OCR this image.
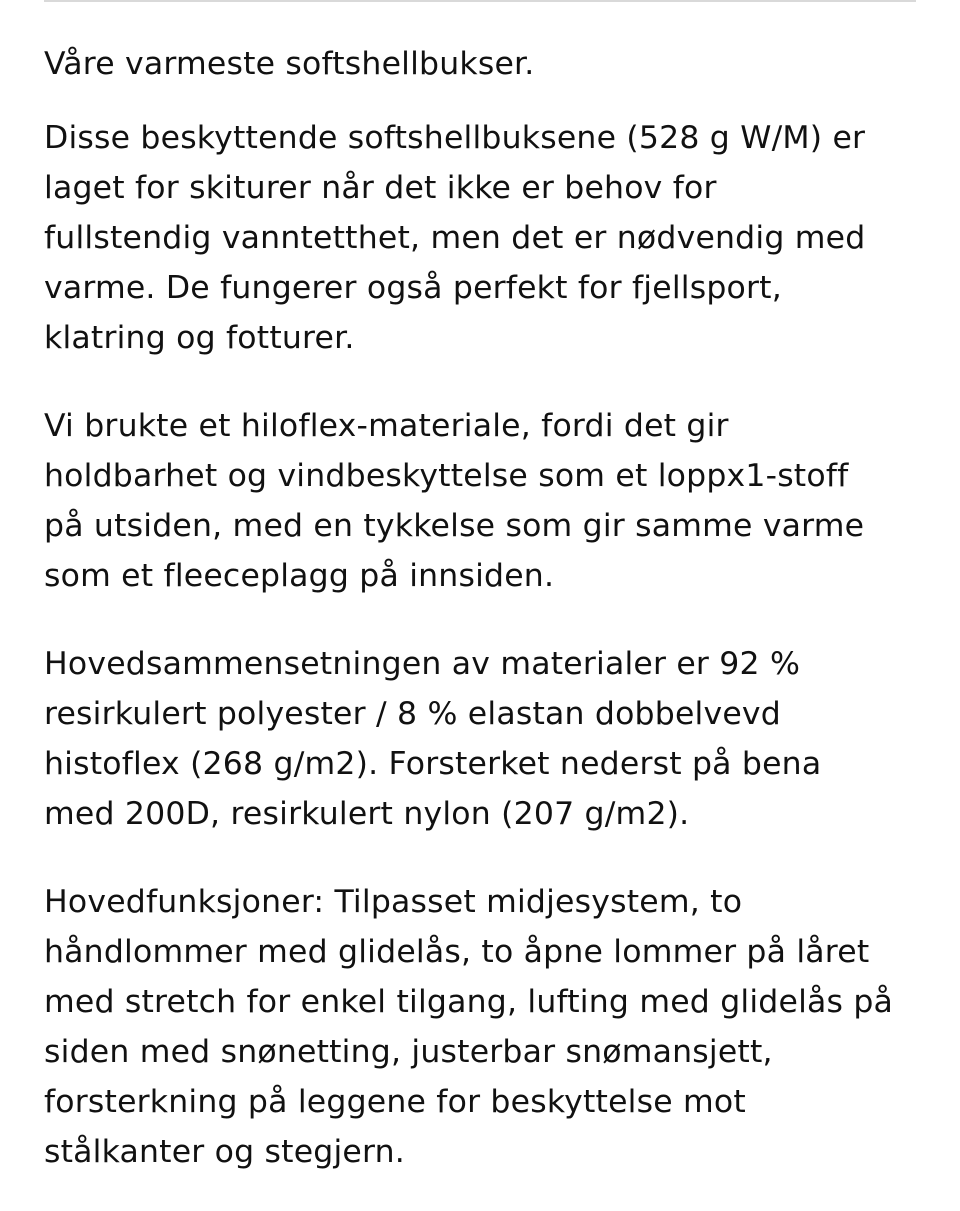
Våre varmeste softshellbukser.

Disse beskyttende softshellbuksene (528 g W/M) er
laget for skiturer når det ikke er behov for
fullstendig vanntetthet, men det er nødvendig med
varme. De fungerer også perfekt for fjellsport,
klatring og fotturer.

Vi brukte et hiloflex-materiale, fordi det gir
holdbarhet og vindbeskyttelse som et loppx1-stoff
på utsiden, med en tykkelse som gir samme varme
som et fleeceplagg på innsiden.

Hovedsammensetningen av materialer er 92 %
resirkulert polyester / 8 % elastan dobbelvevd
histoflex (268 g/m2). Forsterket nederst på bena
med 200D, resirkulert nylon (207 g/m2).

Hovedfunksjoner: Tilpasset midjesystem, to
håndlommer med glidelås, to åpne lommer på låret
med stretch for enkel tilgang, lufting med glidelås på
siden med snønetting, justerbar snømansjett,
forsterkning på leggene for beskyttelse mot
stålkanter og stegjern.
